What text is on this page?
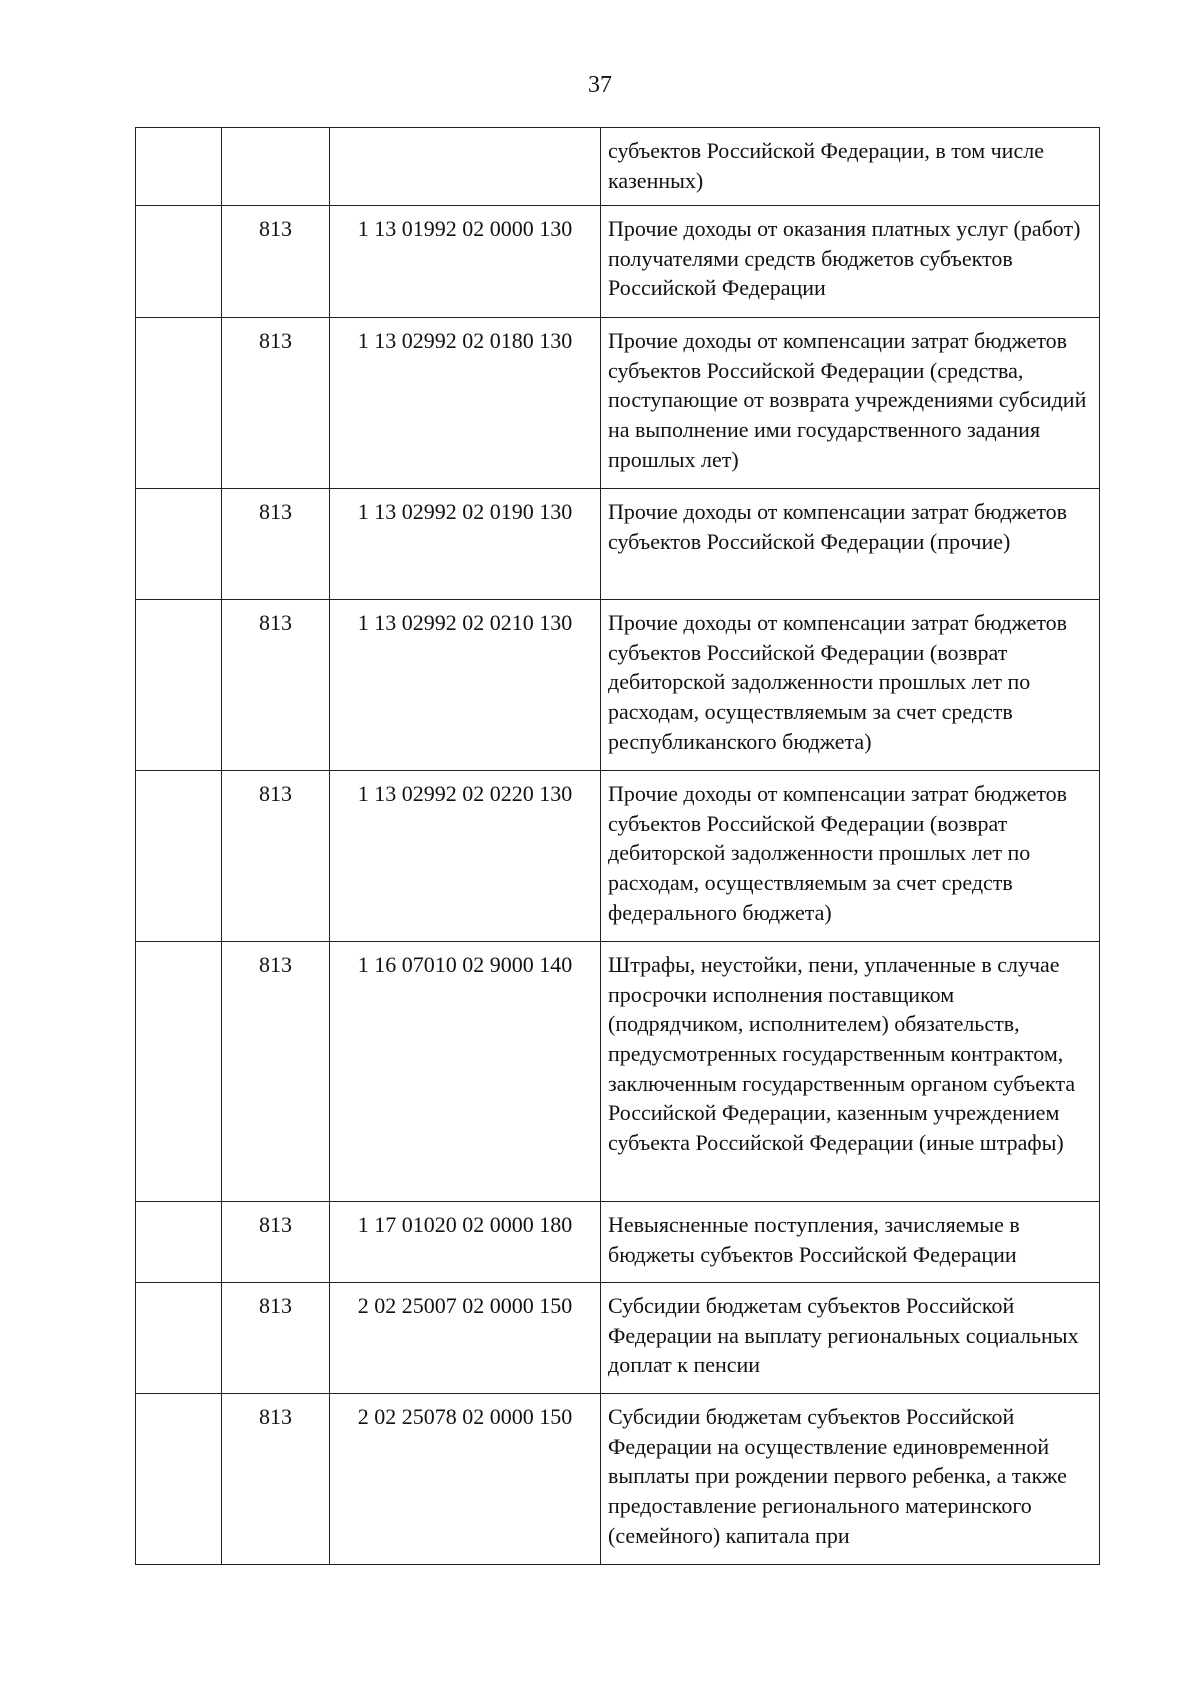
37
			субъектов Российской Федерации, в том числе казенных)
	813	1 13 01992 02 0000 130	Прочие доходы от оказания платных услуг (работ) получателями средств бюджетов субъектов Российской Федерации
	813	1 13 02992 02 0180 130	Прочие доходы от компенсации затрат бюджетов субъектов Российской Федерации (средства, поступающие от возврата учреждениями субсидий на выполнение ими государственного задания прошлых лет)
	813	1 13 02992 02 0190 130	Прочие доходы от компенсации затрат бюджетов субъектов Российской Федерации (прочие)
	813	1 13 02992 02 0210 130	Прочие доходы от компенсации затрат бюджетов субъектов Российской Федерации (возврат дебиторской задолженности прошлых лет по расходам, осуществляемым за счет средств республиканского бюджета)
	813	1 13 02992 02 0220 130	Прочие доходы от компенсации затрат бюджетов субъектов Российской Федерации (возврат дебиторской задолженности прошлых лет по расходам, осуществляемым за счет средств федерального бюджета)
	813	1 16 07010 02 9000 140	Штрафы, неустойки, пени, уплаченные в случае просрочки исполнения поставщиком (подрядчиком, исполнителем) обязательств, предусмотренных государственным контрактом, заключенным государственным органом субъекта Российской Федерации, казенным учреждением субъекта Российской Федерации (иные штрафы)
	813	1 17 01020 02 0000 180	Невыясненные поступления, зачисляемые в бюджеты субъектов Российской Федерации
	813	2 02 25007 02 0000 150	Субсидии бюджетам субъектов Российской Федерации на выплату региональных социальных доплат к пенсии
	813	2 02 25078 02 0000 150	Субсидии бюджетам субъектов Российской Федерации на осуществление единовременной выплаты при рождении первого ребенка, а также предоставление регионального материнского (семейного) капитала при
